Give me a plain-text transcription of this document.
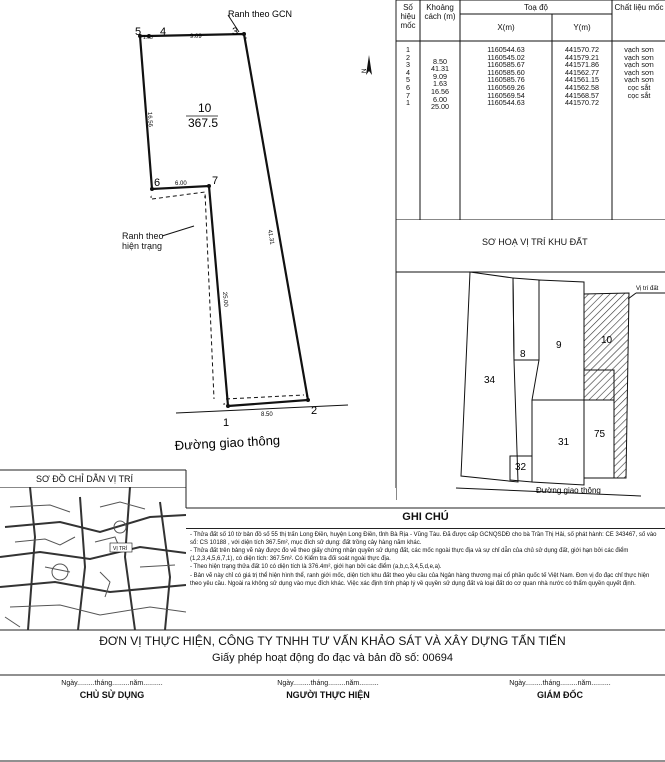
8.50
41.31
9.09
1.63
16.56
6.00
25.00
1
2
3
4
5
6	7
a
b
c
d	e
10
367.5
Ranh theo GCN
Đường giao thông
N
Ranh theo
hiện trạng
Số hiệu mốc
Khoảng cách (m)
Toạ độ
X(m)	Y(m)
Chất liệu mốc
1	1160544.63	441570.72	vạch sơn
2	8.50	1160545.02	441579.21	vạch sơn
3	41.31	1160585.67	441571.86	vạch sơn
4	9.09	1160585.60	441562.77	vạch sơn
5	1.63	1160585.76	441561.15	vạch sơn
6	16.56	1160569.26	441562.58	cọc sắt
7	6.00	1160569.54	441568.57	cọc sắt
1	25.00	1160544.63	441570.72
SƠ HOẠ VỊ TRÍ KHU ĐẤT
34
8
9	10
31
75
32
Đường giao thông
Vị trí đất
SƠ ĐỒ CHỈ DẪN VỊ TRÍ
VỊ TRÍ
GHI CHÚ

- Thửa đất số 10 tờ bản đồ số 55 thị trấn Long Điền, huyện Long Điền, tỉnh Bà Rịa - Vũng Tàu. Đã được cấp GCNQSDĐ cho bà Trần Thị Hải, số phát hành: CE 343467, số vào sổ: CS 10188 , với diện tích 367.5m², mục đích sử dụng: đất trồng cây hàng năm khác.

- Thửa đất trên bảng vẽ này được đo vẽ theo giấy chứng nhận quyền sử dụng đất, các mốc ngoài thực địa và sự chỉ dẫn của chủ sử dụng đất, giới hạn bởi các điểm (1,2,3,4,5,6,7,1), có diện tích: 367.5m². Có Kiểm tra đối soát ngoài thực địa.

- Theo hiện trạng thửa đất 10 có diện tích là 376.4m², giới hạn bởi các điểm (a,b,c,3,4,5,d,e,a).

- Bản vẽ này chỉ có giá trị thể hiện hình thể, ranh giới mốc, diện tích khu đất theo yêu cầu của Ngân hàng thương mại cổ phần quốc tế Việt Nam. Đơn vị đo đạc chỉ thực hiện theo yêu cầu. Ngoài ra không sử dụng vào mục đích khác. Việc xác định tính pháp lý về quyền sử dụng đất và loại đất do cơ quan nhà nước có thẩm quyền quyết định.

ĐƠN VỊ THỰC HIỆN, CÔNG TY TNHH TƯ VẤN KHẢO SÁT VÀ XÂY DỰNG TẤN TIẾN
Giấy phép hoạt động đo đạc và bản đồ số: 00694
Ngày.........tháng.........năm..........
CHỦ SỬ DỤNG
Ngày.........tháng.........năm..........
NGƯỜI THỰC HIỆN
Ngày.........tháng.........năm..........
GIÁM ĐỐC
